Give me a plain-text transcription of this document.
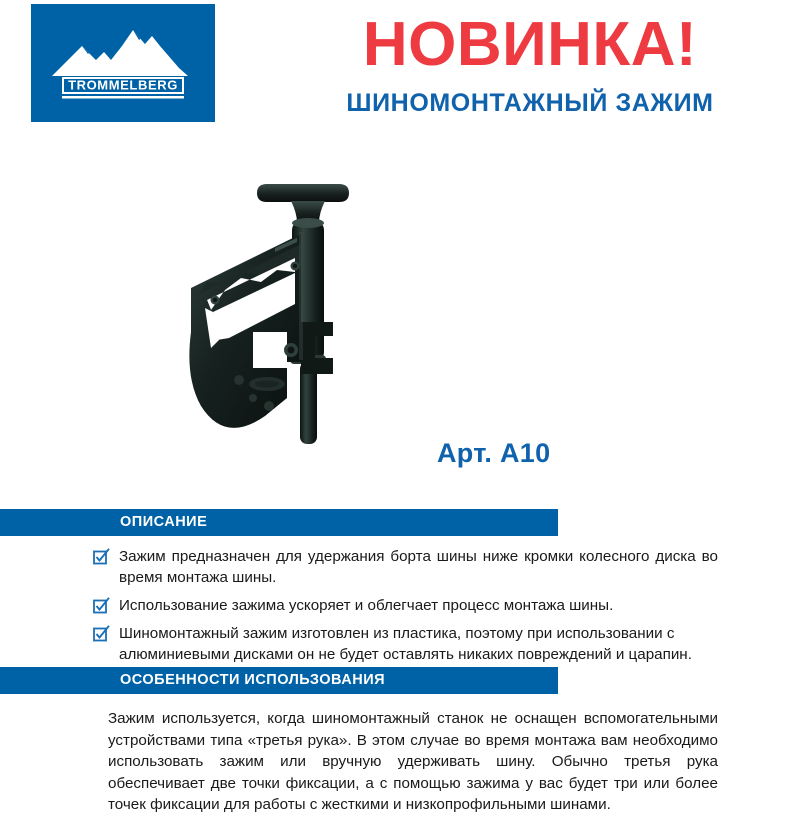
TROMMELBERG
НОВИНКА!
ШИНОМОНТАЖНЫЙ ЗАЖИМ
Арт. А10
ОПИСАНИЕ
Зажим предназначен для удержания борта шины ниже кромки колесного диска во время монтажа шины.
Использование зажима ускоряет и облегчает процесс монтажа шины.
Шиномонтажный зажим изготовлен из пластика, поэтому при использовании с алюминиевыми дисками он не будет оставлять никаких повреждений и царапин.
ОСОБЕННОСТИ ИСПОЛЬЗОВАНИЯ
Зажим используется, когда шиномонтажный станок не оснащен вспомогательными устройствами типа «третья рука». В этом случае во время монтажа вам необходимо использовать зажим или вручную удерживать шину. Обычно третья рука обеспечивает две точки фиксации, а с помощью зажима у вас будет три или более точек фиксации для работы с жесткими и низкопрофильными шинами.
